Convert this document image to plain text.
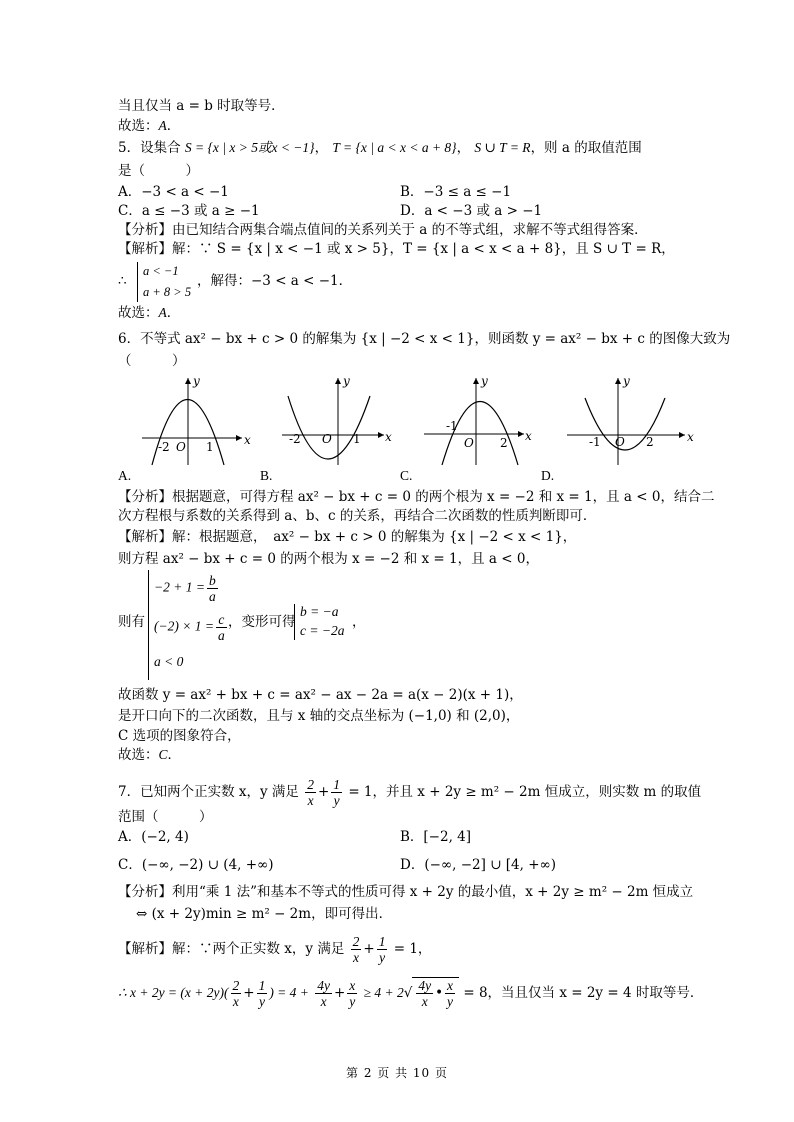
当且仅当 a = b 时取等号．
故选：A．
5．设集合 S = {x | x > 5或x < −1}， T = {x | a < x < a + 8}， S ∪ T = R，则 a 的取值范围
是（　　　）
A．−3 < a < −1	B．−3 ≤ a ≤ −1
C．a ≤ −3 或 a ≥ −1	D．a < −3 或 a > −1
【分析】由已知结合两集合端点值间的关系列关于 a 的不等式组，求解不等式组得答案．
【解析】解：∵ S = {x | x < −1 或 x > 5}，T = {x | a < x < a + 8}，且 S ∪ T = R，
∴
a < −1
a + 8 > 5
，解得：−3 < a < −1．
故选：A．
6．不等式 ax² − bx + c > 0 的解集为 {x | −2 < x < 1}，则函数 y = ax² − bx + c 的图像大致为
（　　　）
-2 O 1	x
y
-2 O 1 x
y
-1
O 2 x
y
-1 O 2	x
y
A.	B.	C.	D.
【分析】根据题意，可得方程 ax² − bx + c = 0 的两个根为 x = −2 和 x = 1，且 a < 0，结合二
次方程根与系数的关系得到 a、b、c 的关系，再结合二次函数的性质判断即可．
【解析】解：根据题意，　ax² − bx + c > 0 的解集为 {x | −2 < x < 1}，
则方程 ax² − bx + c = 0 的两个根为 x = −2 和 x = 1，且 a < 0，
则有
$-2 + 1 = \frac{b}{a}$
$(-2) \times 1 = \frac{c}{a}$
a < 0
，变形可得
b = −a
c = −2a
，
故函数 y = ax² + bx + c = ax² − ax − 2a = a(x − 2)(x + 1)，
是开口向下的二次函数，且与 x 轴的交点坐标为 (−1,0) 和 (2,0)，
C 选项的图象符合，
故选：C．
7．已知两个正实数 x，y 满足 $\frac{2}{x} + \frac{1}{y} = 1$，并且 x + 2y ≥ m² − 2m 恒成立，则实数 m 的取值
范围（　　　）
A．(−2, 4)	B．[−2, 4]
C．(−∞, −2) ∪ (4, +∞)	D．(−∞, −2] ∪ [4, +∞)
【分析】利用“乘 1 法”和基本不等式的性质可得 x + 2y 的最小值，x + 2y ≥ m² − 2m 恒成立
⇔ (x + 2y)min ≥ m² − 2m，即可得出．
【解析】解：∵两个正实数 x，y 满足 $\frac{2}{x} + \frac{1}{y} = 1$，
∴ $x + 2y = (x + 2y)( \frac{2}{x} + \frac{1}{y}$ ) = $4 + \frac{4y}{x} + \frac{x}{y} \ge 4 + 2√ \frac{4y}{x}$ • $\frac{x}{y} = 8$，当且仅当 x = 2y = 4 时取等号．
第 2 页 共 10 页
